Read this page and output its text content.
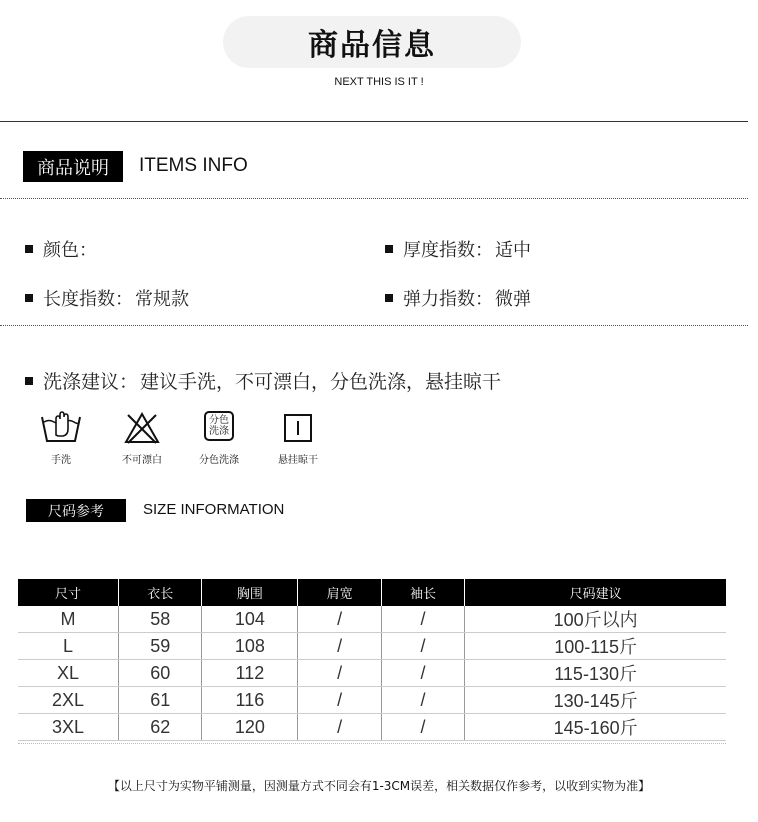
商品信息
NEXT THIS IS IT !
商品说明	ITEMS INFO
颜色：	厚度指数： 适中
长度指数： 常规款	弹力指数： 微弹
洗涤建议： 建议手洗，不可漂白，分色洗涤，悬挂晾干
手洗	不可漂白
分色
洗涤
分色洗涤	悬挂晾干
尺码参考	SIZE INFORMATION
尺寸	衣长	胸围	肩宽	袖长	尺码建议
M	58	104	/	/	100斤以内
L	59	108	/	/	100-115斤
XL	60	112	/	/	115-130斤
2XL	61	116	/	/	130-145斤
3XL	62	120	/	/	145-160斤
【以上尺寸为实物平铺测量，因测量方式不同会有1-3CM误差，相关数据仅作参考，以收到实物为准】
